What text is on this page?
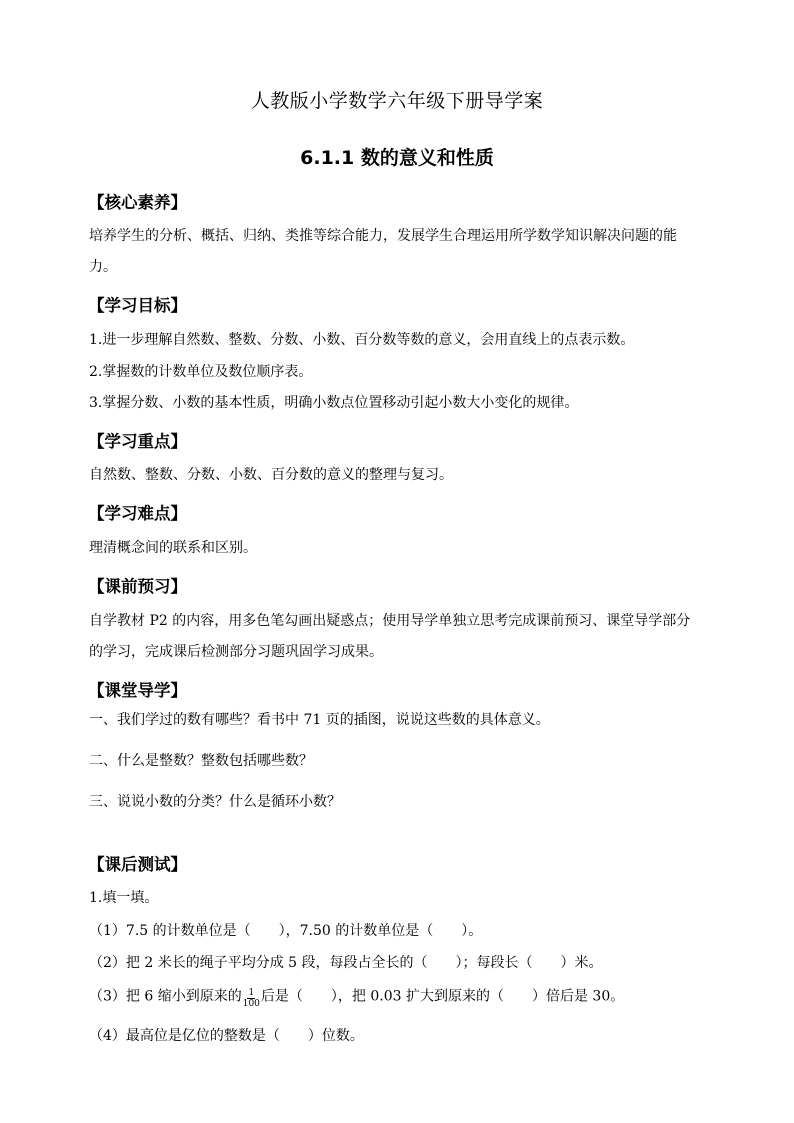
人教版小学数学六年级下册导学案
6.1.1 数的意义和性质
【核心素养】
培养学生的分析、概括、归纳、类推等综合能力，发展学生合理运用所学数学知识解决问题的能力。
【学习目标】
1.进一步理解自然数、整数、分数、小数、百分数等数的意义，会用直线上的点表示数。
2.掌握数的计数单位及数位顺序表。
3.掌握分数、小数的基本性质，明确小数点位置移动引起小数大小变化的规律。
【学习重点】
自然数、整数、分数、小数、百分数的意义的整理与复习。
【学习难点】
理清概念间的联系和区别。
【课前预习】
自学教材 P2 的内容，用多色笔勾画出疑惑点；使用导学单独立思考完成课前预习、课堂导学部分的学习，完成课后检测部分习题巩固学习成果。
【课堂导学】
一、我们学过的数有哪些？看书中 71 页的插图，说说这些数的具体意义。
二、什么是整数？整数包括哪些数？
三、说说小数的分类？什么是循环小数？
【课后测试】
1.填一填。
（1）7.5 的计数单位是（　　），7.50 的计数单位是（　　）。
（2）把 2 米长的绳子平均分成 5 段，每段占全长的（　　）；每段长（　　）米。
（3）把 6 缩小到原来的 $\frac{1}{100}$ 后是（　　），把 0.03 扩大到原来的（　　）倍后是 30。
（4）最高位是亿位的整数是（　　）位数。
